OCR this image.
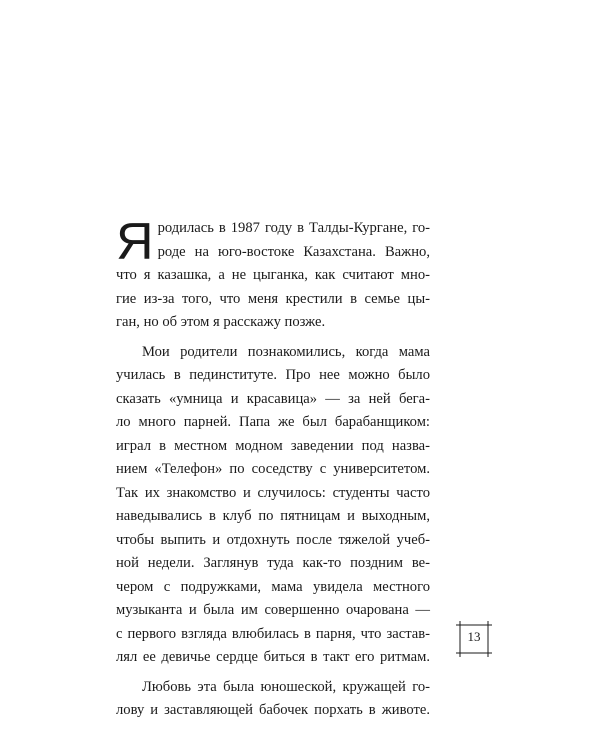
Я родилась в 1987 году в Талды-Кургане, го-
роде на юго-востоке Казахстана. Важно,
что я казашка, а не цыганка, как считают мно-
гие из-за того, что меня крестили в семье цы-
ган, но об этом я расскажу позже.
Мои родители познакомились, когда мама
училась в пединституте. Про нее можно было
сказать «умница и красавица» — за ней бега-
ло много парней. Папа же был барабанщиком:
играл в местном модном заведении под назва-
нием «Телефон» по соседству с университетом.
Так их знакомство и случилось: студенты часто
наведывались в клуб по пятницам и выходным,
чтобы выпить и отдохнуть после тяжелой учеб-
ной недели. Заглянув туда как-то поздним ве-
чером с подружками, мама увидела местного
музыканта и была им совершенно очарована —
с первого взгляда влюбилась в парня, что застав-
лял ее девичье сердце биться в такт его ритмам.
Любовь эта была юношеской, кружащей го-
лову и заставляющей бабочек порхать в животе.
13
